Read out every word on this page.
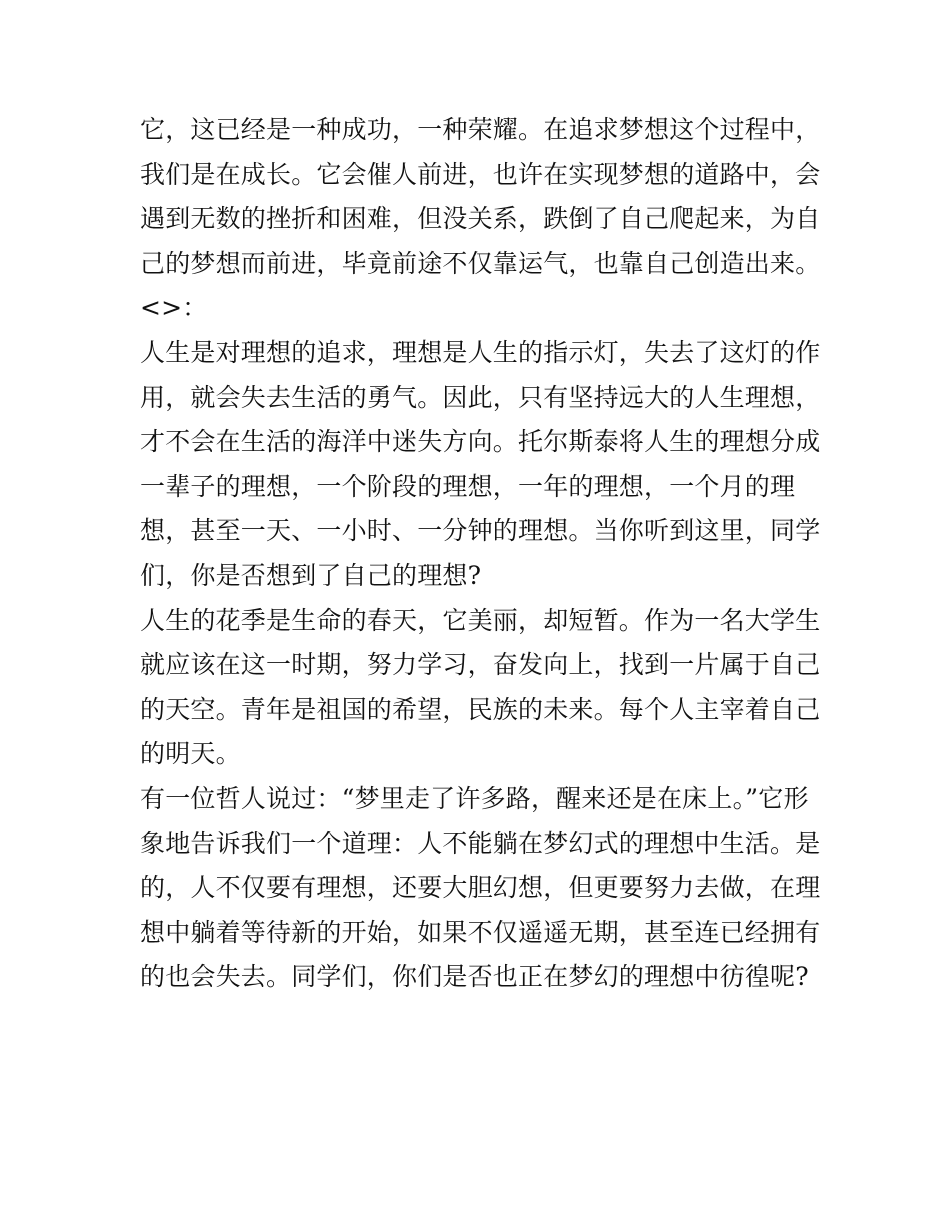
它，这已经是一种成功，一种荣耀。在追求梦想这个过程中，
我们是在成长。它会催人前进，也许在实现梦想的道路中，会
遇到无数的挫折和困难，但没关系，跌倒了自己爬起来，为自
己的梦想而前进，毕竟前途不仅靠运气，也靠自己创造出来。
<>：
人生是对理想的追求，理想是人生的指示灯，失去了这灯的作
用，就会失去生活的勇气。因此，只有坚持远大的人生理想，
才不会在生活的海洋中迷失方向。托尔斯泰将人生的理想分成
一辈子的理想，一个阶段的理想，一年的理想，一个月的理
想，甚至一天、一小时、一分钟的理想。当你听到这里，同学
们，你是否想到了自己的理想?
人生的花季是生命的春天，它美丽，却短暂。作为一名大学生
就应该在这一时期，努力学习，奋发向上，找到一片属于自己
的天空。青年是祖国的希望，民族的未来。每个人主宰着自己
的明天。
有一位哲人说过：“梦里走了许多路，醒来还是在床上。”它形
象地告诉我们一个道理：人不能躺在梦幻式的理想中生活。是
的，人不仅要有理想，还要大胆幻想，但更要努力去做，在理
想中躺着等待新的开始，如果不仅遥遥无期，甚至连已经拥有
的也会失去。同学们，你们是否也正在梦幻的理想中彷徨呢?
